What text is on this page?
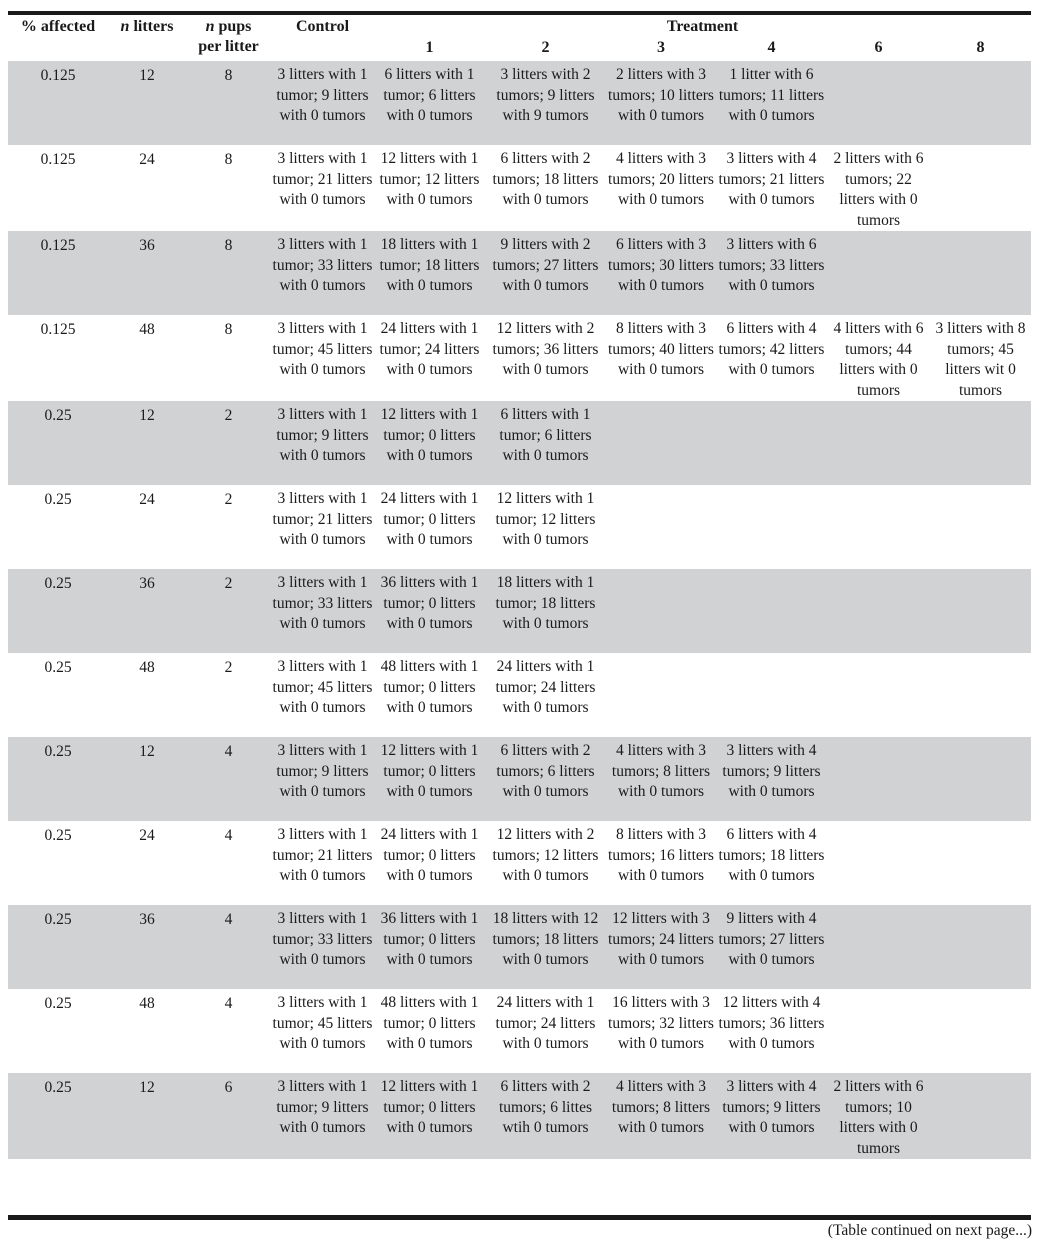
% affected	n litters	n pups
per litter	Control	Treatment					
				1	2	3	4	6	8
0.125	12	8	3 litters with 1 tumor; 9 litters with 0 tumors	6 litters with 1 tumor; 6 litters with 0 tumors	3 litters with 2 tumors; 9 litters with 9 tumors	2 litters with 3 tumors; 10 litters with 0 tumors	1 litter with 6 tumors; 11 litters with 0 tumors		
0.125	24	8	3 litters with 1 tumor; 21 litters with 0 tumors	12 litters with 1 tumor; 12 litters with 0 tumors	6 litters with 2 tumors; 18 litters with 0 tumors	4 litters with 3 tumors; 20 litters with 0 tumors	3 litters with 4 tumors; 21 litters with 0 tumors	2 litters with 6 tumors; 22 litters with 0 tumors	
0.125	36	8	3 litters with 1 tumor; 33 litters with 0 tumors	18 litters with 1 tumor; 18 litters with 0 tumors	9 litters with 2 tumors; 27 litters with 0 tumors	6 litters with 3 tumors; 30 litters with 0 tumors	3 litters with 6 tumors; 33 litters with 0 tumors		
0.125	48	8	3 litters with 1 tumor; 45 litters with 0 tumors	24 litters with 1 tumor; 24 litters with 0 tumors	12 litters with 2 tumors; 36 litters with 0 tumors	8 litters with 3 tumors; 40 litters with 0 tumors	6 litters with 4 tumors; 42 litters with 0 tumors	4 litters with 6 tumors; 44 litters with 0 tumors	3 litters with 8 tumors; 45 litters wit 0 tumors
0.25	12	2	3 litters with 1 tumor; 9 litters with 0 tumors	12 litters with 1 tumor; 0 litters with 0 tumors	6 litters with 1 tumor; 6 litters with 0 tumors				
0.25	24	2	3 litters with 1 tumor; 21 litters with 0 tumors	24 litters with 1 tumor; 0 litters with 0 tumors	12 litters with 1 tumor; 12 litters with 0 tumors				
0.25	36	2	3 litters with 1 tumor; 33 litters with 0 tumors	36 litters with 1 tumor; 0 litters with 0 tumors	18 litters with 1 tumor; 18 litters with 0 tumors				
0.25	48	2	3 litters with 1 tumor; 45 litters with 0 tumors	48 litters with 1 tumor; 0 litters with 0 tumors	24 litters with 1 tumor; 24 litters with 0 tumors				
0.25	12	4	3 litters with 1 tumor; 9 litters with 0 tumors	12 litters with 1 tumor; 0 litters with 0 tumors	6 litters with 2 tumors; 6 litters with 0 tumors	4 litters with 3 tumors; 8 litters with 0 tumors	3 litters with 4 tumors; 9 litters with 0 tumors		
0.25	24	4	3 litters with 1 tumor; 21 litters with 0 tumors	24 litters with 1 tumor; 0 litters with 0 tumors	12 litters with 2 tumors; 12 litters with 0 tumors	8 litters with 3 tumors; 16 litters with 0 tumors	6 litters with 4 tumors; 18 litters with 0 tumors		
0.25	36	4	3 litters with 1 tumor; 33 litters with 0 tumors	36 litters with 1 tumor; 0 litters with 0 tumors	18 litters with 12 tumors; 18 litters with 0 tumors	12 litters with 3 tumors; 24 litters with 0 tumors	9 litters with 4 tumors; 27 litters with 0 tumors		
0.25	48	4	3 litters with 1 tumor; 45 litters with 0 tumors	48 litters with 1 tumor; 0 litters with 0 tumors	24 litters with 1 tumor; 24 litters with 0 tumors	16 litters with 3 tumors; 32 litters with 0 tumors	12 litters with 4 tumors; 36 litters with 0 tumors		
0.25	12	6	3 litters with 1 tumor; 9 litters with 0 tumors	12 litters with 1 tumor; 0 litters with 0 tumors	6 litters with 2 tumors; 6 littes wtih 0 tumors	4 litters with 3 tumors; 8 litters with 0 tumors	3 litters with 4 tumors; 9 litters with 0 tumors	2 litters with 6 tumors; 10 litters with 0 tumors	
(Table continued on next page...)
